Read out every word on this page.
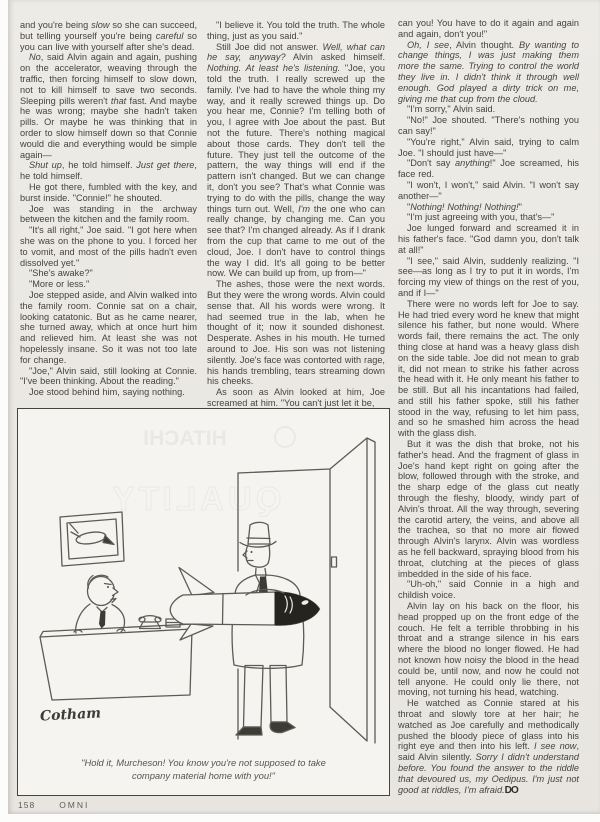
and you're being slow so she can succeed, but telling yourself you're being careful so you can live with yourself after she's dead.

No, said Alvin again and again, pushing on the accelerator, weaving through the traffic, then forcing himself to slow down, not to kill himself to save two seconds. Sleeping pills weren't that fast. And maybe he was wrong; maybe she hadn't taken pills. Or maybe he was thinking that in order to slow himself down so that Connie would die and everything would be simple again—

Shut up, he told himself. Just get there, he told himself.

He got there, fumbled with the key, and burst inside. "Connie!" he shouted.

Joe was standing in the archway between the kitchen and the family room.

"It's all right," Joe said. "I got here when she was on the phone to you. I forced her to vomit, and most of the pills hadn't even dissolved yet."

"She's awake?"

"More or less."

Joe stepped aside, and Alvin walked into the family room. Connie sat on a chair, looking catatonic. But as he came nearer, she turned away, which at once hurt him and relieved him. At least she was not hopelessly insane. So it was not too late for change.

"Joe," Alvin said, still looking at Connie. "I've been thinking. About the reading."

Joe stood behind him, saying nothing.

"I believe it. You told the truth. The whole thing, just as you said."

Still Joe did not answer. Well, what can he say, anyway? Alvin asked himself. Nothing. At least he's listening. "Joe, you told the truth. I really screwed up the family. I've had to have the whole thing my way, and it really screwed things up. Do you hear me, Connie? I'm telling both of you, I agree with Joe about the past. But not the future. There's nothing magical about those cards. They don't tell the future. They just tell the outcome of the pattern, the way things will end if the pattern isn't changed. But we can change it, don't you see? That's what Connie was trying to do with the pills, change the way things turn out. Well, I'm the one who can really change, by changing me. Can you see that? I'm changed already. As if I drank from the cup that came to me out of the cloud, Joe. I don't have to control things the way I did. It's all going to be better now. We can build up from, up from—"

The ashes, those were the next words. But they were the wrong words. Alvin could sense that. All his words were wrong. It had seemed true in the lab, when he thought of it; now it sounded dishonest. Desperate. Ashes in his mouth. He turned around to Joe. His son was not listening silently. Joe's face was contorted with rage, his hands trembling, tears streaming down his cheeks.

As soon as Alvin looked at him, Joe screamed at him. "You can't just let it be,

can you! You have to do it again and again and again, don't you!"

Oh, I see, Alvin thought. By wanting to change things, I was just making them more the same. Trying to control the world they live in. I didn't think it through well enough. God played a dirty trick on me, giving me that cup from the cloud.

"I'm sorry," Alvin said.

"No!" Joe shouted. "There's nothing you can say!"

"You're right," Alvin said, trying to calm Joe. "I should just have—"

"Don't say anything!" Joe screamed, his face red.

"I won't, I won't," said Alvin. "I won't say another—"

"Nothing! Nothing! Nothing!"

"I'm just agreeing with you, that's—"

Joe lunged forward and screamed it in his father's face. "God damn you, don't talk at all!"

"I see," said Alvin, suddenly realizing. "I see—as long as I try to put it in words, I'm forcing my view of things on the rest of you, and if I—"

There were no words left for Joe to say. He had tried every word he knew that might silence his father, but none would. Where words fail, there remains the act. The only thing close at hand was a heavy glass dish on the side table. Joe did not mean to grab it, did not mean to strike his father across the head with it. He only meant his father to be still. But all his incantations had failed, and still his father spoke, still his father stood in the way, refusing to let him pass, and so he smashed him across the head with the glass dish.

But it was the dish that broke, not his father's head. And the fragment of glass in Joe's hand kept right on going after the blow, followed through with the stroke, and the sharp edge of the glass cut neatly through the fleshy, bloody, windy part of Alvin's throat. All the way through, severing the carotid artery, the veins, and above all the trachea, so that no more air flowed through Alvin's larynx. Alvin was wordless as he fell backward, spraying blood from his throat, clutching at the pieces of glass imbedded in the side of his face.

"Uh-oh," said Connie in a high and childish voice.

Alvin lay on his back on the floor, his head propped up on the front edge of the couch. He felt a terrible throbbing in his throat and a strange silence in his ears where the blood no longer flowed. He had not known how noisy the blood in the head could be, until now, and now he could not tell anyone. He could only lie there, not moving, not turning his head, watching.

He watched as Connie stared at his throat and slowly tore at her hair; he watched as Joe carefully and methodically pushed the bloody piece of glass into his right eye and then into his left. I see now, said Alvin silently. Sorry I didn't understand before. You found the answer to the riddle that devoured us, my Oedipus. I'm just not good at riddles, I'm afraid.DO

HITACHI
QUALITY
Cotham
"Hold it, Murcheson! You know you're not supposed to take
company material home with you!"
158	OMNI
